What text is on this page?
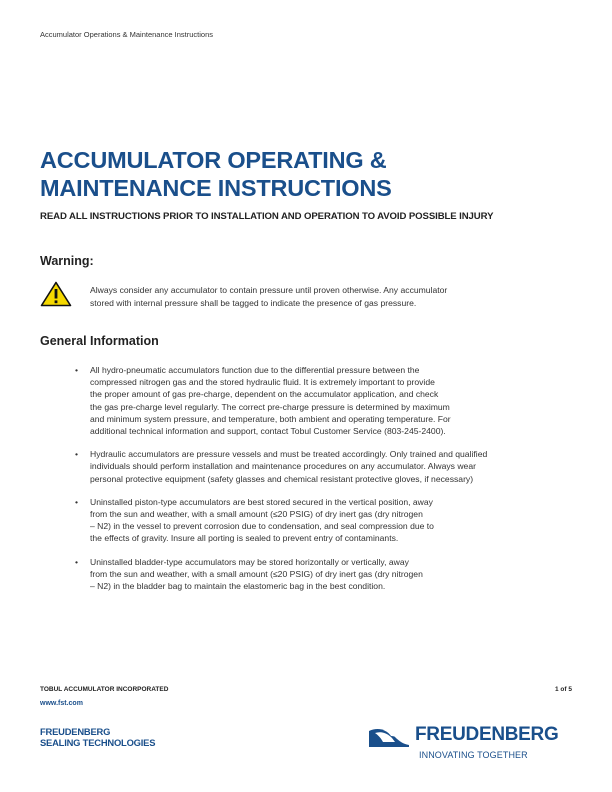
Accumulator Operations & Maintenance Instructions
ACCUMULATOR OPERATING &
MAINTENANCE INSTRUCTIONS
READ ALL INSTRUCTIONS PRIOR TO INSTALLATION AND OPERATION TO AVOID POSSIBLE INJURY
Warning:
Always consider any accumulator to contain pressure until proven otherwise. Any accumulator
stored with internal pressure shall be tagged to indicate the presence of gas pressure.
General Information
• All hydro-pneumatic accumulators function due to the differential pressure between the
compressed nitrogen gas and the stored hydraulic fluid. It is extremely important to provide
the proper amount of gas pre-charge, dependent on the accumulator application, and check
the gas pre-charge level regularly. The correct pre-charge pressure is determined by maximum
and minimum system pressure, and temperature, both ambient and operating temperature. For
additional technical information and support, contact Tobul Customer Service (803-245-2400).
• Hydraulic accumulators are pressure vessels and must be treated accordingly. Only trained and qualified
individuals should perform installation and maintenance procedures on any accumulator. Always wear
personal protective equipment (safety glasses and chemical resistant protective gloves, if necessary)
• Uninstalled piston-type accumulators are best stored secured in the vertical position, away
from the sun and weather, with a small amount (≤20 PSIG) of dry inert gas (dry nitrogen
– N2) in the vessel to prevent corrosion due to condensation, and seal compression due to
the effects of gravity. Insure all porting is sealed to prevent entry of contaminants.
• Uninstalled bladder-type accumulators may be stored horizontally or vertically, away
from the sun and weather, with a small amount (≤20 PSIG) of dry inert gas (dry nitrogen
– N2) in the bladder bag to maintain the elastomeric bag in the best condition.
TOBUL ACCUMULATOR INCORPORATED	1 of 5
www.fst.com
FREUDENBERG
SEALING TECHNOLOGIES	FREUDENBERG
INNOVATING TOGETHER
